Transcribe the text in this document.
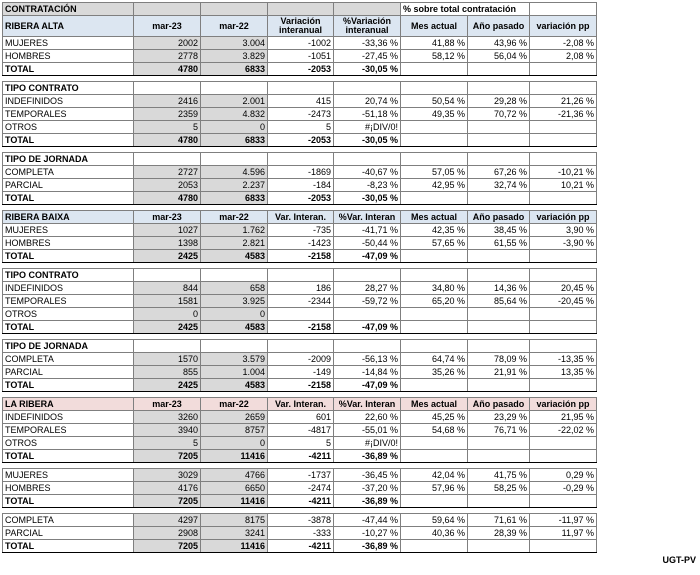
CONTRATACIÓN					% sobre total contratación		
RIBERA ALTA	mar-23	mar-22	Variación interanual	%Variación interanual	Mes actual	Año pasado	variación pp
MUJERES	2002	3.004	-1002	-33,36 %	41,88 %	43,96 %	-2,08 %
HOMBRES	2778	3.829	-1051	-27,45 %	58,12 %	56,04 %	2,08 %
TOTAL	4780	6833	-2053	-30,05 %			

TIPO CONTRATO							
INDEFINIDOS	2416	2.001	415	20,74 %	50,54 %	29,28 %	21,26 %
TEMPORALES	2359	4.832	-2473	-51,18 %	49,35 %	70,72 %	-21,36 %
OTROS	5	0	5	#¡DIV/0!			
TOTAL	4780	6833	-2053	-30,05 %			

TIPO DE JORNADA							
COMPLETA	2727	4.596	-1869	-40,67 %	57,05 %	67,26 %	-10,21 %
PARCIAL	2053	2.237	-184	-8,23 %	42,95 %	32,74 %	10,21 %
TOTAL	4780	6833	-2053	-30,05 %			

RIBERA BAIXA	mar-23	mar-22	Var. Interan.	%Var. Interan	Mes actual	Año pasado	variación pp
MUJERES	1027	1.762	-735	-41,71 %	42,35 %	38,45 %	3,90 %
HOMBRES	1398	2.821	-1423	-50,44 %	57,65 %	61,55 %	-3,90 %
TOTAL	2425	4583	-2158	-47,09 %			

TIPO CONTRATO							
INDEFINIDOS	844	658	186	28,27 %	34,80 %	14,36 %	20,45 %
TEMPORALES	1581	3.925	-2344	-59,72 %	65,20 %	85,64 %	-20,45 %
OTROS	0	0					
TOTAL	2425	4583	-2158	-47,09 %			

TIPO DE JORNADA							
COMPLETA	1570	3.579	-2009	-56,13 %	64,74 %	78,09 %	-13,35 %
PARCIAL	855	1.004	-149	-14,84 %	35,26 %	21,91 %	13,35 %
TOTAL	2425	4583	-2158	-47,09 %			

LA RIBERA	mar-23	mar-22	Var. Interan.	%Var. Interan	Mes actual	Año pasado	variación pp
INDEFINIDOS	3260	2659	601	22,60 %	45,25 %	23,29 %	21,95 %
TEMPORALES	3940	8757	-4817	-55,01 %	54,68 %	76,71 %	-22,02 %
OTROS	5	0	5	#¡DIV/0!			
TOTAL	7205	11416	-4211	-36,89 %			

MUJERES	3029	4766	-1737	-36,45 %	42,04 %	41,75 %	0,29 %
HOMBRES	4176	6650	-2474	-37,20 %	57,96 %	58,25 %	-0,29 %
TOTAL	7205	11416	-4211	-36,89 %			

COMPLETA	4297	8175	-3878	-47,44 %	59,64 %	71,61 %	-11,97 %
PARCIAL	2908	3241	-333	-10,27 %	40,36 %	28,39 %	11,97 %
TOTAL	7205	11416	-4211	-36,89 %			
UGT-PV
